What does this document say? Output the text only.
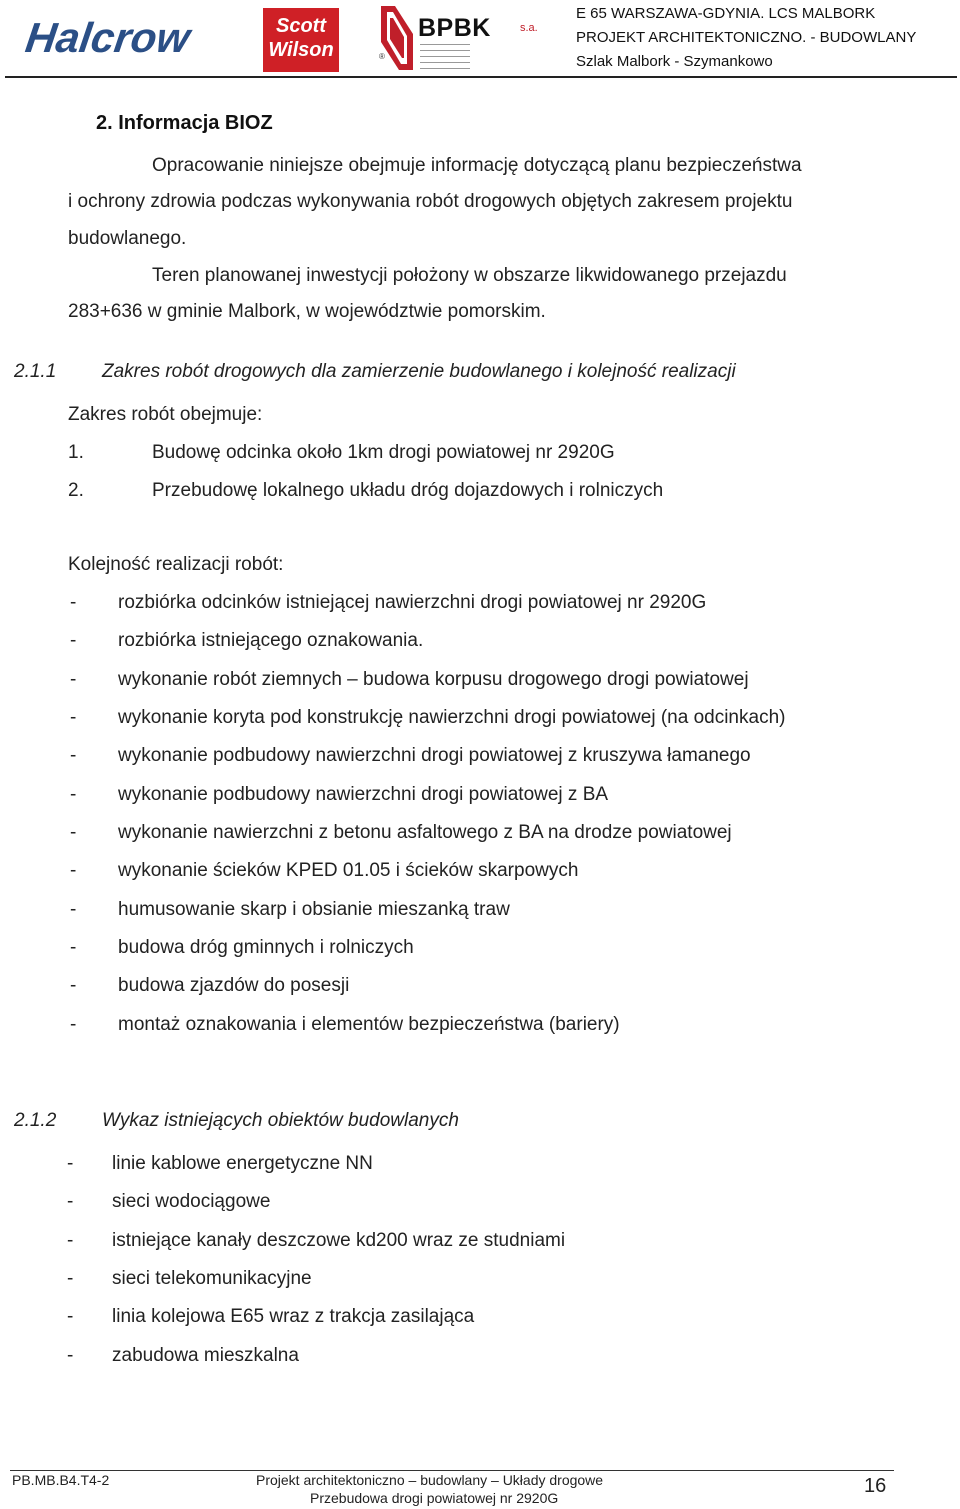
Halcrow	Scott
Wilson
BPBK	s.a.
®
E 65 WARSZAWA-GDYNIA. LCS MALBORK
PROJEKT ARCHITEKTONICZNO. - BUDOWLANY
Szlak Malbork - Szymankowo
2. Informacja BIOZ
Opracowanie niniejsze obejmuje informację dotyczącą planu bezpieczeństwa
i ochrony zdrowia podczas wykonywania robót drogowych objętych zakresem projektu
budowlanego.
Teren planowanej inwestycji położony w obszarze likwidowanego przejazdu
283+636 w gminie Malbork, w województwie pomorskim.
2.1.1 Zakres robót drogowych dla zamierzenie budowlanego i kolejność realizacji
Zakres robót obejmuje:
1.	Budowę odcinka około 1km drogi powiatowej nr 2920G
2.	Przebudowę lokalnego układu dróg dojazdowych i rolniczych
Kolejność realizacji robót:
- rozbiórka odcinków istniejącej nawierzchni drogi powiatowej nr 2920G
- rozbiórka istniejącego oznakowania.
- wykonanie robót ziemnych – budowa korpusu drogowego drogi powiatowej
- wykonanie koryta pod konstrukcję nawierzchni drogi powiatowej (na odcinkach)
- wykonanie podbudowy nawierzchni drogi powiatowej z kruszywa łamanego
- wykonanie podbudowy nawierzchni drogi powiatowej z BA
- wykonanie nawierzchni z betonu asfaltowego z BA na drodze powiatowej
- wykonanie ścieków KPED 01.05 i ścieków skarpowych
- humusowanie skarp i obsianie mieszanką traw
- budowa dróg gminnych i rolniczych
- budowa zjazdów do posesji
- montaż oznakowania i elementów bezpieczeństwa (bariery)
2.1.2 Wykaz istniejących obiektów budowlanych
- linie kablowe energetyczne NN
- sieci wodociągowe
- istniejące kanały deszczowe kd200 wraz ze studniami
- sieci telekomunikacyjne
- linia kolejowa E65 wraz z trakcja zasilająca
- zabudowa mieszkalna
PB.MB.B4.T4-2	Projekt architektoniczno – budowlany – Układy drogowe
Przebudowa drogi powiatowej nr 2920G
16
